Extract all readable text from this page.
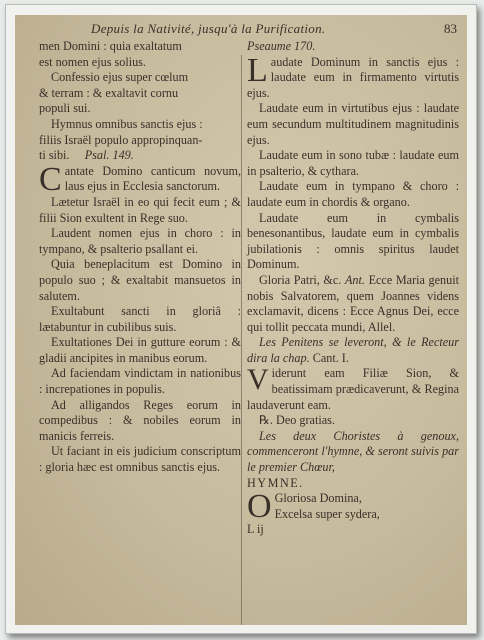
Depuis la Nativité, jusqu'à la Purification.	83

men Domini : quia exaltatum

est nomen ejus solius.

Confessio ejus super cœlum

& terram : & exaltavit cornu

populi sui.

Hymnus omnibus sanctis ejus :

filiis Israël populo appropinquan-

ti sibi. Psal. 149.

Cantate Domino canticum novum, laus ejus in Ecclesia sanctorum.

Lætetur Israël in eo qui fecit eum ; & filii Sion exultent in Rege suo.

Laudent nomen ejus in choro : in tympano, & psalterio psallant ei.

Quia beneplacitum est Domino in populo suo ; & exaltabit mansuetos in salutem.

Exultabunt sancti in gloriâ : lætabuntur in cubilibus suis.

Exultationes Dei in gutture eorum : & gladii ancipites in manibus eorum.

Ad faciendam vindictam in nationibus : increpationes in populis.

Ad alligandos Reges eorum in compedibus : & nobiles eorum in manicis ferreis.

Ut faciant in eis judicium conscriptum : gloria hæc est omnibus sanctis ejus.

Pseaume 170.

Laudate Dominum in sanctis ejus : laudate eum in firmamento virtutis ejus.

Laudate eum in virtutibus ejus : laudate eum secundum multitudinem magnitudinis ejus.

Laudate eum in sono tubæ : laudate eum in psalterio, & cythara.

Laudate eum in tympano & choro : laudate eum in chordis & organo.

Laudate eum in cymbalis benesonantibus, laudate eum in cymbalis jubilationis : omnis spiritus laudet Dominum.

Gloria Patri, &c. Ant. Ecce Maria genuit nobis Salvatorem, quem Joannes videns exclamavit, dicens : Ecce Agnus Dei, ecce qui tollit peccata mundi, Allel.

Les Penitens se leveront, & le Recteur dira la chap. Cant. I.

Viderunt eam Filiæ Sion, & beatissimam prædicaverunt, & Regina laudaverunt eam.

℞. Deo gratias.

Les deux Choristes à genoux, commenceront l'hymne, & seront suivis par le premier Chœur,

HYMNE.

O Gloriosa Domina,
Excelsa super sydera,

L ij
